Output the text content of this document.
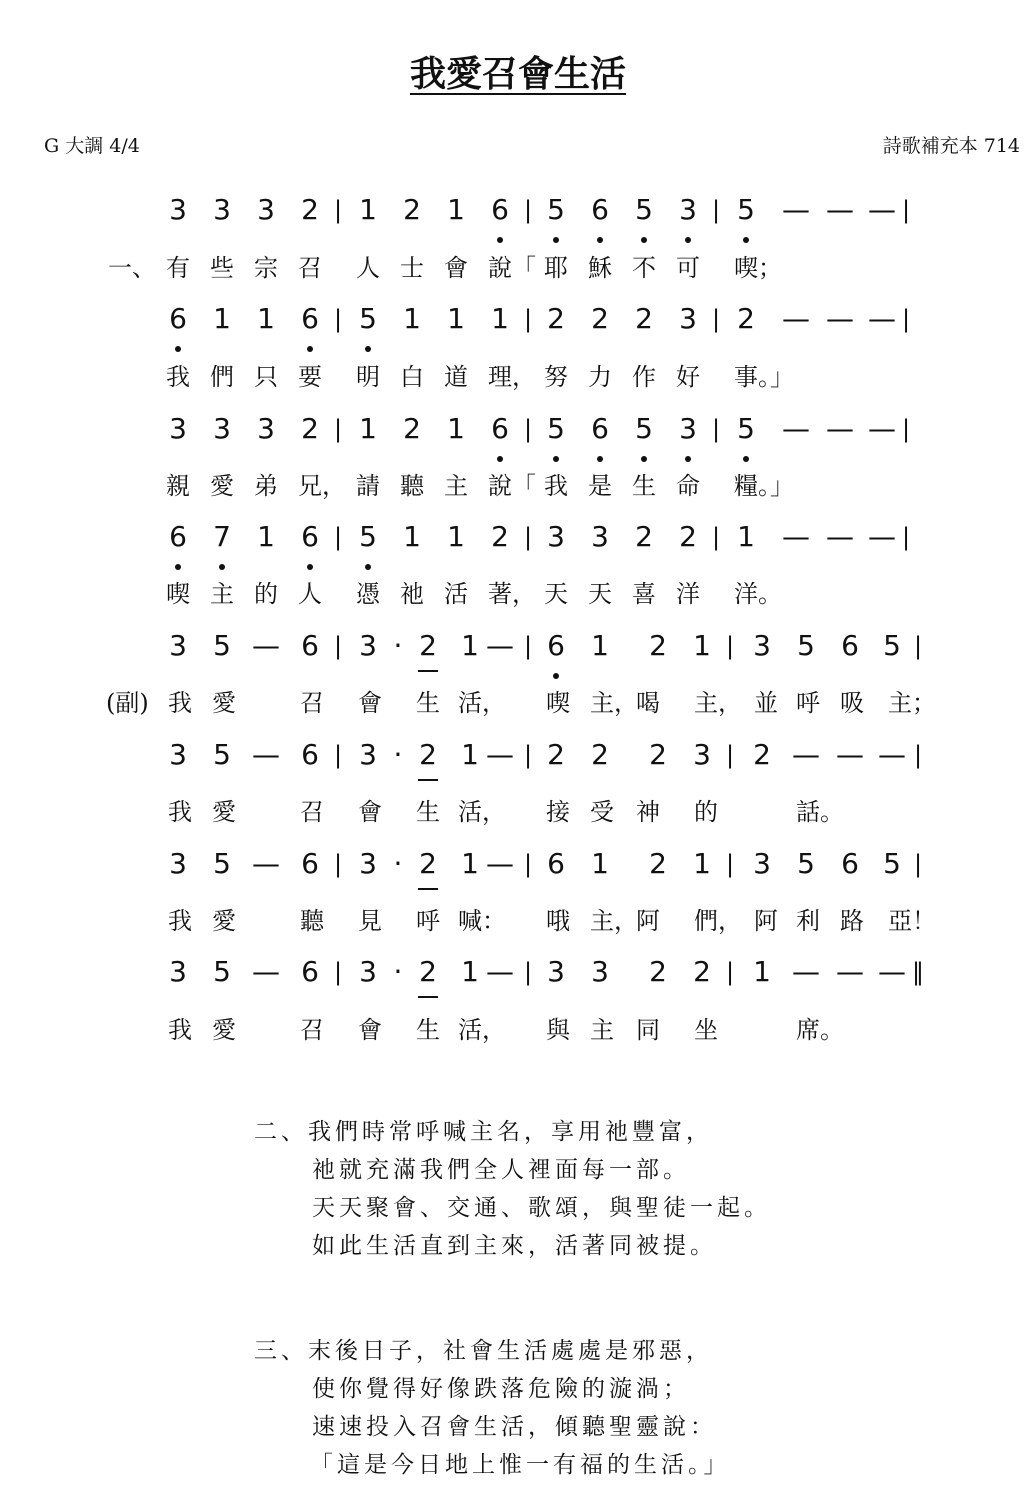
我愛召會生活
G 大調 4/4	詩歌補充本 714
3 3 3 2 | 1 2 1 6 | 5 6 5 3 | 5 — — — |
一、 有 些 宗 召	人 士 會 說「 耶 穌 不 可	喫；
6 1 1 6 | 5 1 1 1 | 2 2 2 3 | 2 — — — |
我 們 只 要	明 白 道 理， 努 力 作 好	事。」
3 3 3 2 | 1 2 1 6 | 5 6 5 3 | 5 — — — |
親 愛 弟 兄， 請 聽 主 說「 我 是 生 命	糧。」
6 7 1 6 | 5 1 1 2 | 3 3 2 2 | 1 — — — |
喫 主 的 人	憑 祂 活 著， 天 天 喜 洋	洋。
3 5 — 6 | 3 · 2 1 — | 6 1	2 1 | 3 5 6 5 |
(副) 我 愛	召	會	生 活， 喫 主，
喝	主， 並 呼 吸	主；
3 5 — 6 | 3 · 2 1 — | 2 2	2 3 | 2 — — — |
我 愛	召	會	生 活， 接 受 神	的	話。
3 5 — 6 | 3 · 2 1 — | 6 1	2 1 | 3 5 6 5 |
我 愛	聽	見	呼 喊： 哦 主，
阿	們， 阿 利 路	亞！
3 5 — 6 | 3 · 2 1 — | 3 3	2 2 | 1 — — — ‖
我 愛	召	會	生 活， 與 主 同	坐	席。
二、我們時常呼喊主名，享用祂豐富，
祂就充滿我們全人裡面每一部。
天天聚會、交通、歌頌，與聖徒一起。
如此生活直到主來，活著同被提。
三、末後日子，社會生活處處是邪惡，
使你覺得好像跌落危險的漩渦；
速速投入召會生活，傾聽聖靈說：
「這是今日地上惟一有福的生活。」
